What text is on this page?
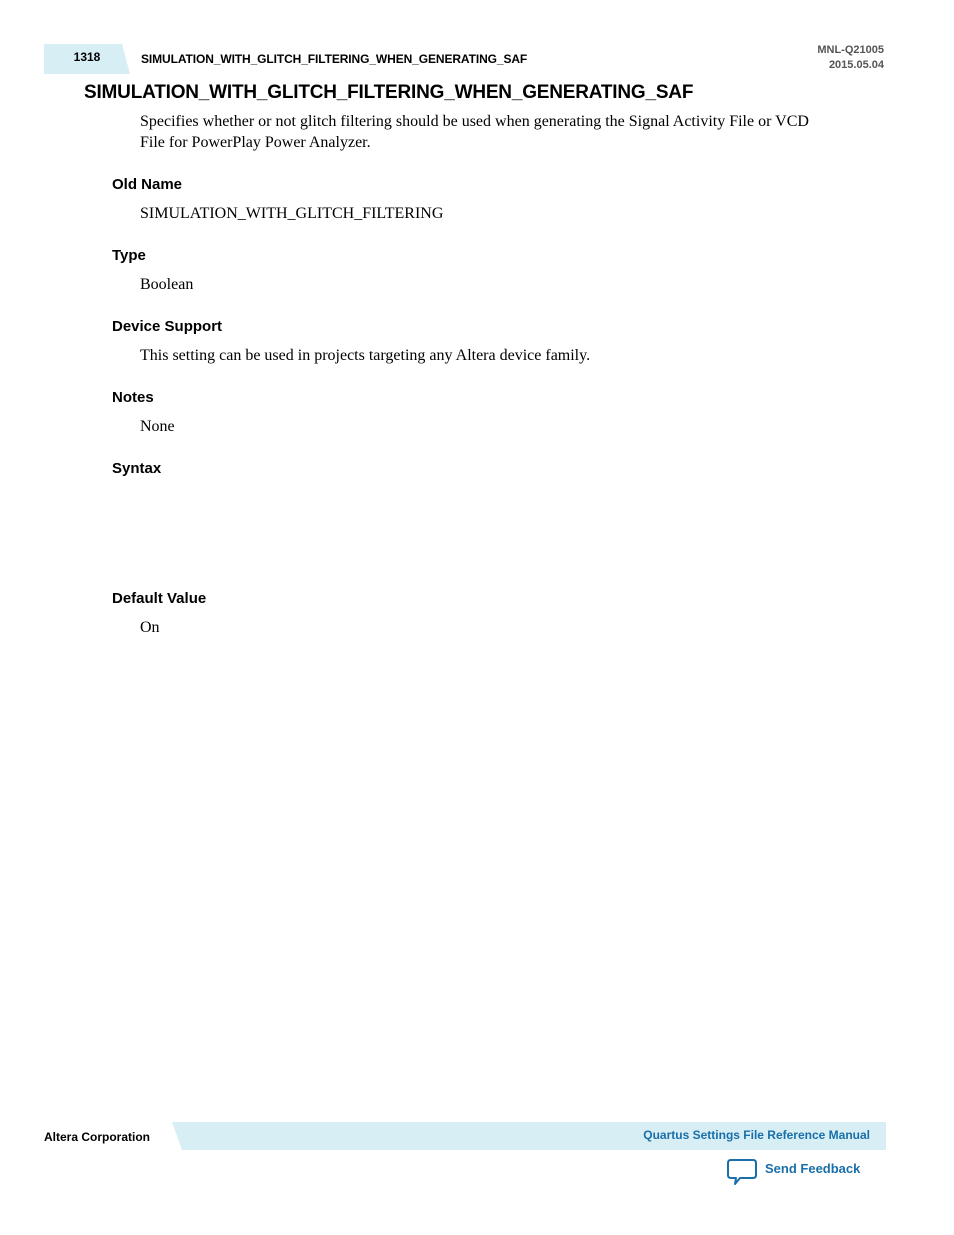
1318	SIMULATION_WITH_GLITCH_FILTERING_WHEN_GENERATING_SAF
MNL-Q21005
2015.05.04
SIMULATION_WITH_GLITCH_FILTERING_WHEN_GENERATING_SAF
Specifies whether or not glitch filtering should be used when generating the Signal Activity File or VCD
File for PowerPlay Power Analyzer.
Old Name
SIMULATION_WITH_GLITCH_FILTERING
Type
Boolean
Device Support
This setting can be used in projects targeting any Altera device family.
Notes
None
Syntax
Default Value
On
Altera Corporation	Quartus Settings File Reference Manual
Send Feedback
